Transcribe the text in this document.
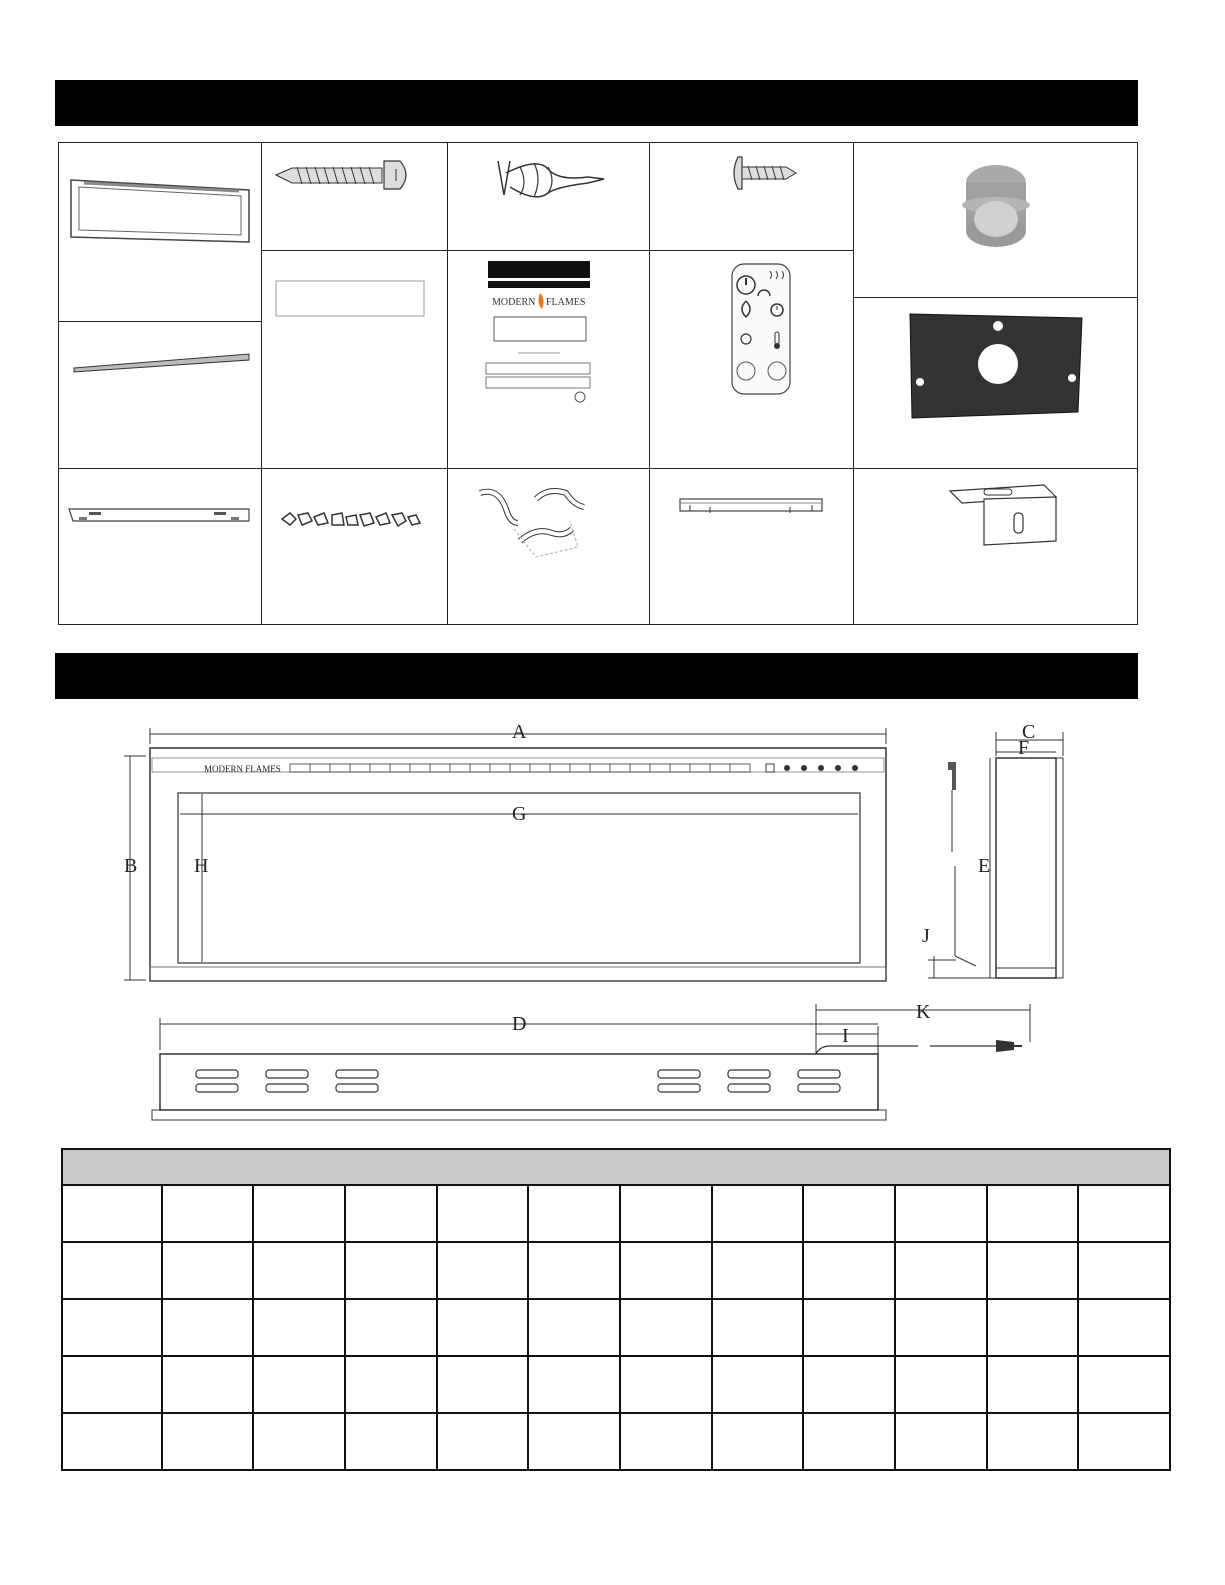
MODERN FLAMES
MODERN FLAMES
A
B
G
H
C
F
E
J
D
I
K
